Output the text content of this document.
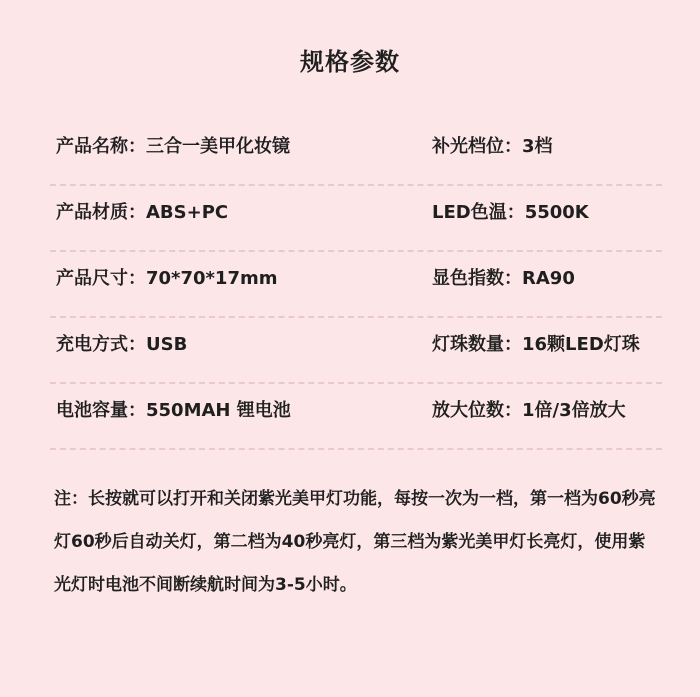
规格参数
产品名称：三合一美甲化妆镜	补光档位：3档
产品材质：ABS+PC	LED色温：5500K
产品尺寸：70*70*17mm	显色指数：RA90
充电方式：USB	灯珠数量：16颗LED灯珠
电池容量：550MAH 锂电池	放大位数：1倍/3倍放大
注：长按就可以打开和关闭紫光美甲灯功能，每按一次为一档，第一档为60秒亮灯60秒后自动关灯，第二档为40秒亮灯，第三档为紫光美甲灯长亮灯，使用紫光灯时电池不间断续航时间为3-5小时。
